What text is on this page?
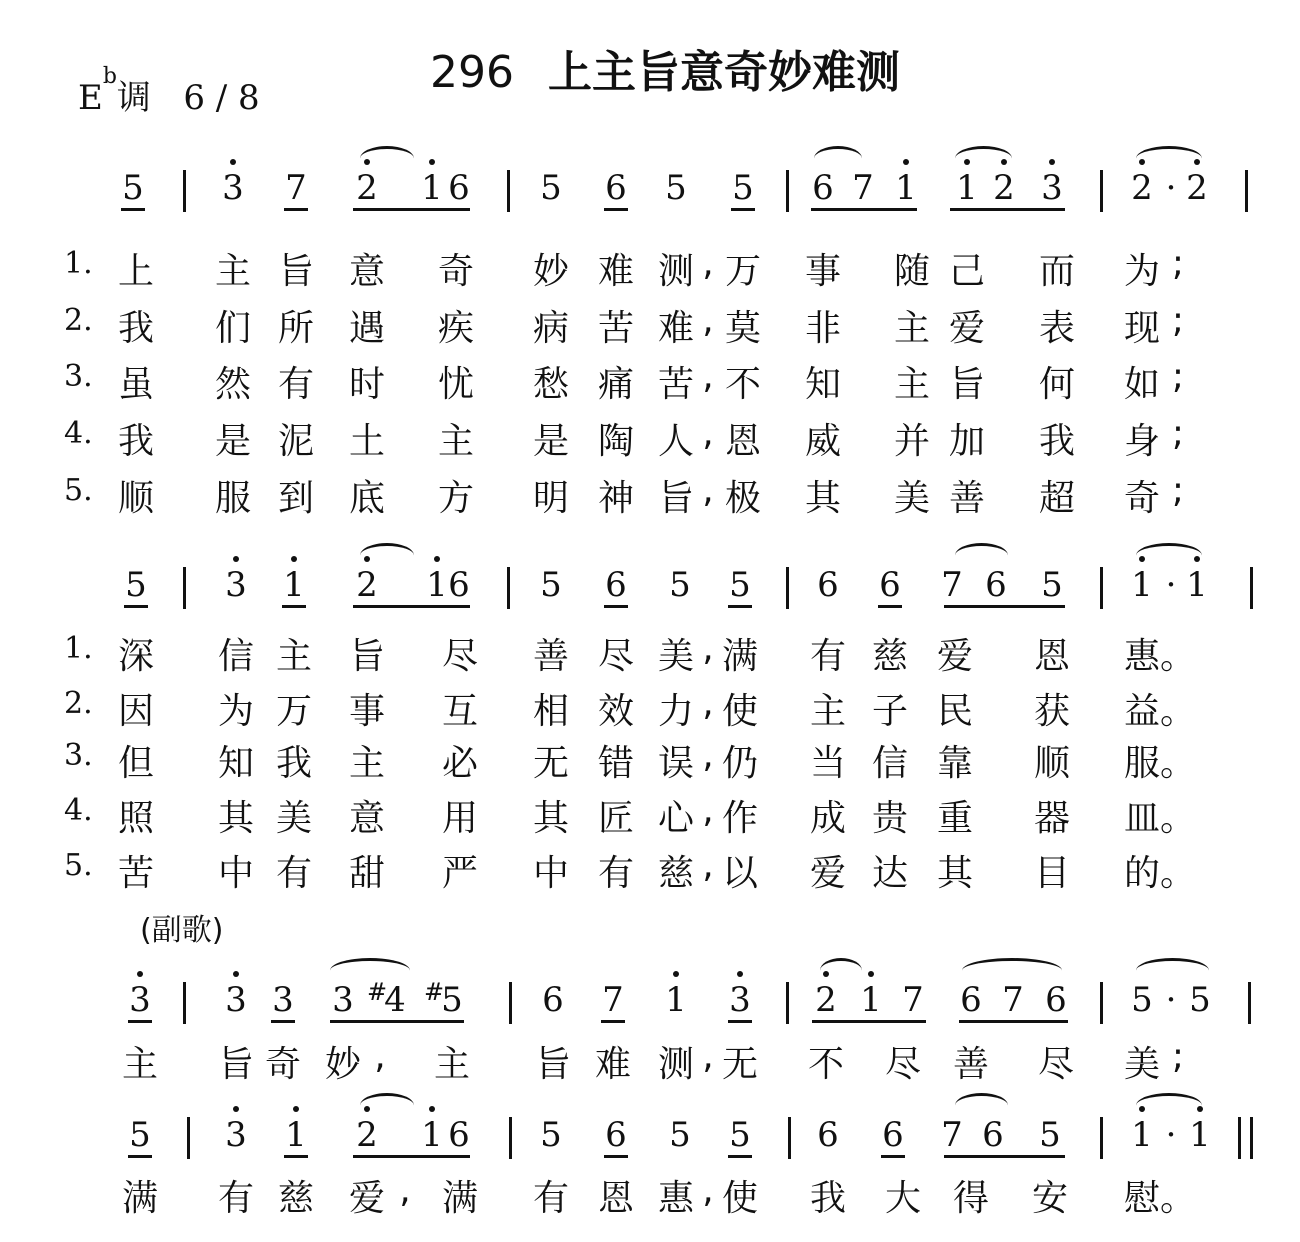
$E^b$调 6 / 8	296 上主旨意奇妙难测
(副歌)
5 3 7 2 1 6 5 6 5 5 6 7 1 1 2 3 2 · 2
1. 上 主 旨 意 奇 妙 难 测 , 万 事 随 己 而 为 ;
2. 我 们 所 遇 疾 病 苦 难 , 莫 非 主 爱 表 现 ;
3. 虽 然 有 时 忧 愁 痛 苦 , 不 知 主 旨 何 如 ;
4. 我 是 泥 土 主 是 陶 人 , 恩 威 并 加 我 身 ;
5. 顺 服 到 底 方 明 神 旨 , 极 其 美 善 超 奇 ;
5 3 1 2 1 6 5 6 5 5 6 6 7 6 5 1 · 1
1. 深 信 主 旨 尽 善 尽 美 , 满 有 慈 爱 恩 惠 。
2. 因 为 万 事 互 相 效 力 , 使 主 子 民 获 益 。
3. 但 知 我 主 必 无 错 误 , 仍 当 信 靠 顺 服 。
4. 照 其 美 意 用 其 匠 心 , 作 成 贵 重 器 皿 。
5. 苦 中 有 甜 严 中 有 慈 , 以 爱 达 其 目 的 。
3 3 3 3 # 4 # 5 6 7 1 3 2 1 7 6 7 6 5 · 5
主 旨 奇 妙 ,	主 旨 难 测 , 无 不 尽 善 尽 美 ;
5 3 1 2 1 6 5 6 5 5 6 6 7 6 5 1 · 1
满 有 慈 爱 , 满 有 恩 惠 , 使 我 大 得 安 慰 。
